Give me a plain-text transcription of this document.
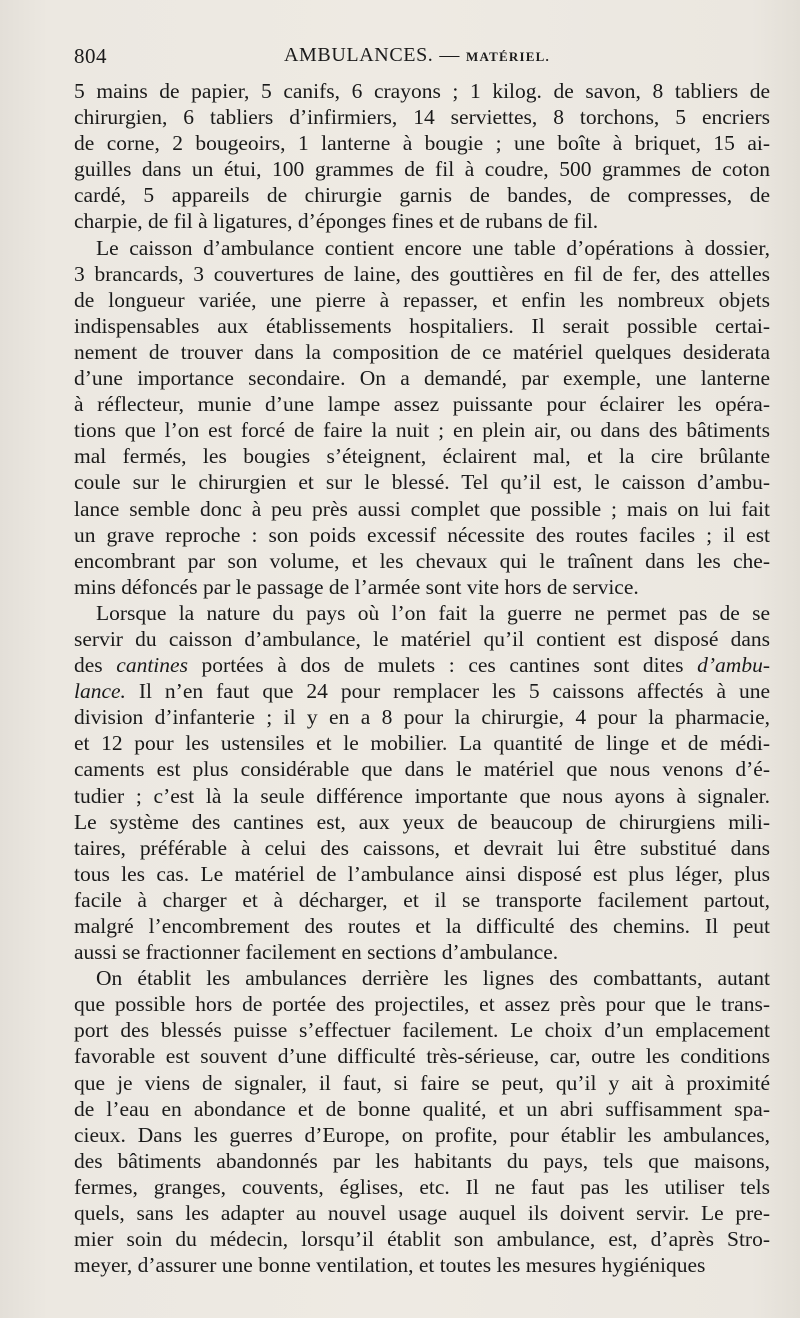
804	AMBULANCES. — MATÉRIEL.
5 mains de papier, 5 canifs, 6 crayons ; 1 kilog. de savon, 8 tabliers de
chirurgien, 6 tabliers d’infirmiers, 14 serviettes, 8 torchons, 5 encriers
de corne, 2 bougeoirs, 1 lanterne à bougie ; une boîte à briquet, 15 ai-
guilles dans un étui, 100 grammes de fil à coudre, 500 grammes de coton
cardé, 5 appareils de chirurgie garnis de bandes, de compresses, de
charpie, de fil à ligatures, d’éponges fines et de rubans de fil.
Le caisson d’ambulance contient encore une table d’opérations à dossier,
3 brancards, 3 couvertures de laine, des gouttières en fil de fer, des attelles
de longueur variée, une pierre à repasser, et enfin les nombreux objets
indispensables aux établissements hospitaliers. Il serait possible certai-
nement de trouver dans la composition de ce matériel quelques desiderata
d’une importance secondaire. On a demandé, par exemple, une lanterne
à réflecteur, munie d’une lampe assez puissante pour éclairer les opéra-
tions que l’on est forcé de faire la nuit ; en plein air, ou dans des bâtiments
mal fermés, les bougies s’éteignent, éclairent mal, et la cire brûlante
coule sur le chirurgien et sur le blessé. Tel qu’il est, le caisson d’ambu-
lance semble donc à peu près aussi complet que possible ; mais on lui fait
un grave reproche : son poids excessif nécessite des routes faciles ; il est
encombrant par son volume, et les chevaux qui le traînent dans les che-
mins défoncés par le passage de l’armée sont vite hors de service.
Lorsque la nature du pays où l’on fait la guerre ne permet pas de se
servir du caisson d’ambulance, le matériel qu’il contient est disposé dans
des cantines portées à dos de mulets : ces cantines sont dites d’ambu-
lance. Il n’en faut que 24 pour remplacer les 5 caissons affectés à une
division d’infanterie ; il y en a 8 pour la chirurgie, 4 pour la pharmacie,
et 12 pour les ustensiles et le mobilier. La quantité de linge et de médi-
caments est plus considérable que dans le matériel que nous venons d’é-
tudier ; c’est là la seule différence importante que nous ayons à signaler.
Le système des cantines est, aux yeux de beaucoup de chirurgiens mili-
taires, préférable à celui des caissons, et devrait lui être substitué dans
tous les cas. Le matériel de l’ambulance ainsi disposé est plus léger, plus
facile à charger et à décharger, et il se transporte facilement partout,
malgré l’encombrement des routes et la difficulté des chemins. Il peut
aussi se fractionner facilement en sections d’ambulance.
On établit les ambulances derrière les lignes des combattants, autant
que possible hors de portée des projectiles, et assez près pour que le trans-
port des blessés puisse s’effectuer facilement. Le choix d’un emplacement
favorable est souvent d’une difficulté très-sérieuse, car, outre les conditions
que je viens de signaler, il faut, si faire se peut, qu’il y ait à proximité
de l’eau en abondance et de bonne qualité, et un abri suffisamment spa-
cieux. Dans les guerres d’Europe, on profite, pour établir les ambulances,
des bâtiments abandonnés par les habitants du pays, tels que maisons,
fermes, granges, couvents, églises, etc. Il ne faut pas les utiliser tels
quels, sans les adapter au nouvel usage auquel ils doivent servir. Le pre-
mier soin du médecin, lorsqu’il établit son ambulance, est, d’après Stro-
meyer, d’assurer une bonne ventilation, et toutes les mesures hygiéniques
